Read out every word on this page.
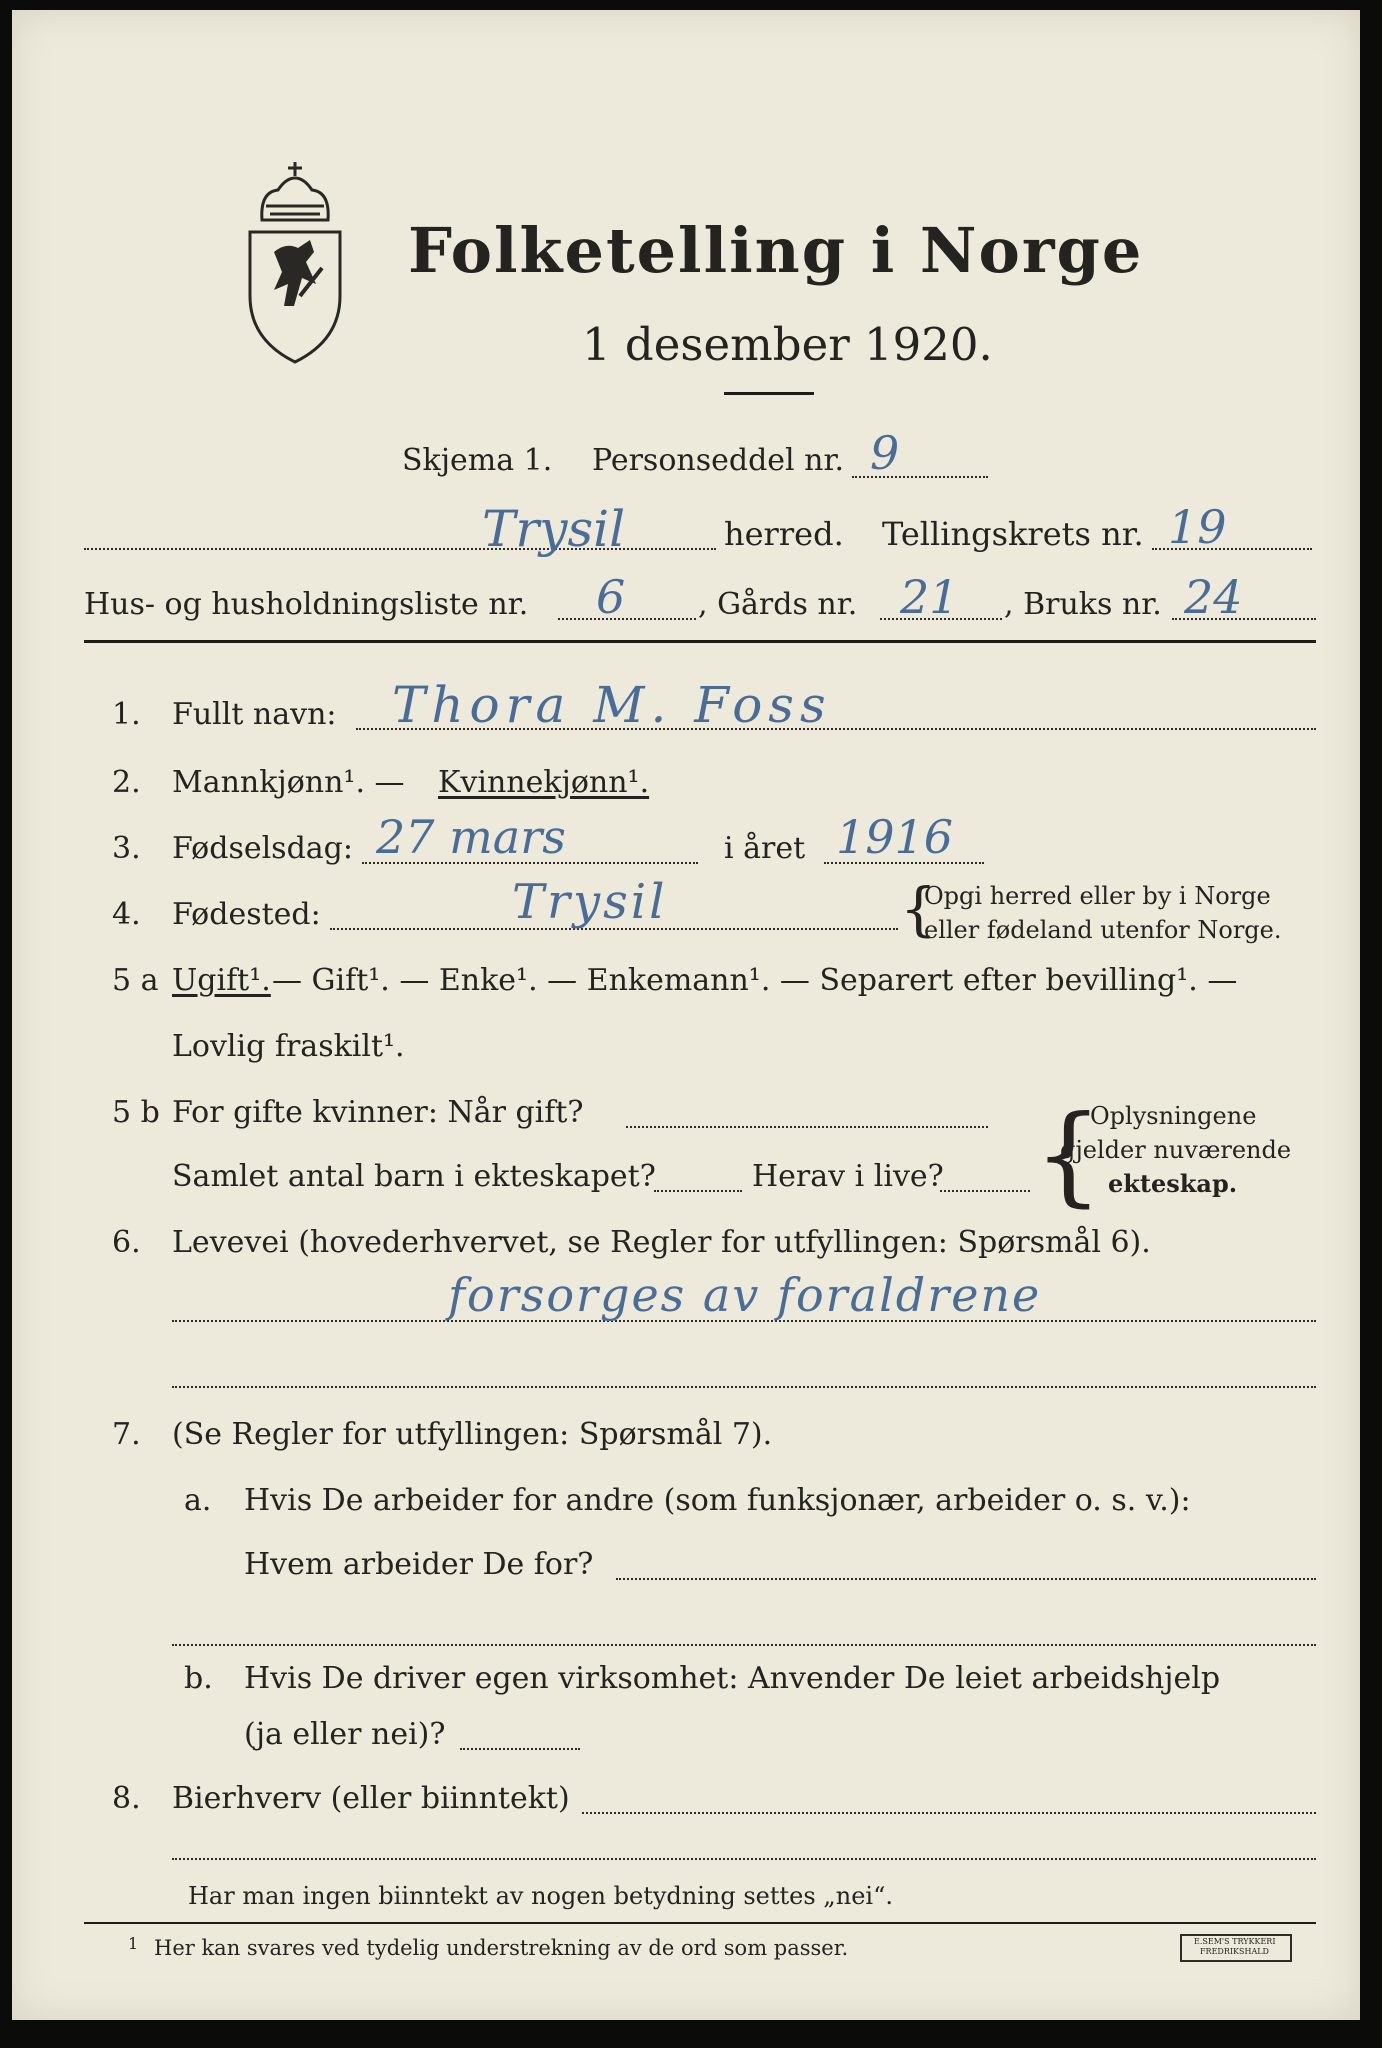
Folketelling i Norge
1 desember 1920.
Skjema 1. Personseddel nr. 9
Trysil	herred. Tellingskrets nr. 19
Hus- og husholdningsliste nr. 6 , Gårds nr. 21 , Bruks nr. 24
1. Fullt navn: Thora M. Foss
2. Mannkjønn¹. — Kvinnekjønn¹.
3. Fødselsdag: 27 mars	i året 1916
4. Fødested:	Trysil	{
Opgi herred eller by i Norge
eller fødeland utenfor Norge.
5 a Ugift¹. — Gift¹. — Enke¹. — Enkemann¹. — Separert efter bevilling¹. —
Lovlig fraskilt¹.
5 b For gifte kvinner: Når gift?
Samlet antal barn i ekteskapet?	Herav i live? {
Oplysningene
gjelder nuværende
ekteskap.
6. Levevei (hovederhvervet, se Regler for utfyllingen: Spørsmål 6).
forsorges av foraldrene
7. (Se Regler for utfyllingen: Spørsmål 7).
a. Hvis De arbeider for andre (som funksjonær, arbeider o. s. v.):
Hvem arbeider De for?
b. Hvis De driver egen virksomhet: Anvender De leiet arbeidshjelp
(ja eller nei)?
8. Bierhverv (eller biinntekt)
Har man ingen biinntekt av nogen betydning settes „nei“.
1 Her kan svares ved tydelig understrekning av de ord som passer.	E.SEM'S TRYKKERI
FREDRIKSHALD
